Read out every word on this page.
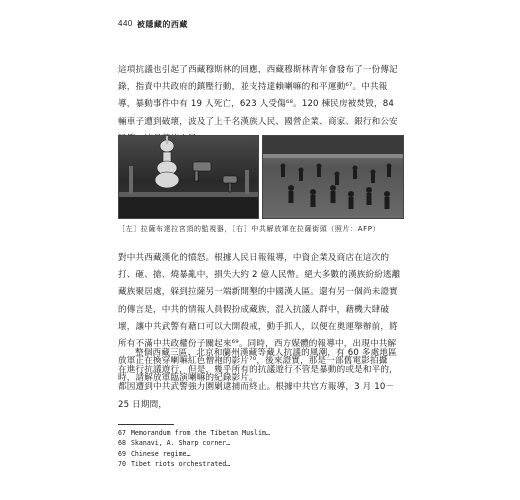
440 被隱藏的西藏

這項抗議也引起了西藏穆斯林的回應，西藏穆斯林青年會發布了一份傳記錄，指責中共政府的鎮壓行動，並支持達賴喇嘛的和平運動⁶⁷。中共報導，暴動事件中有 19 人死亡，623 人受傷⁶⁸。120 棟民房被焚毀，84 輛車子遭到破壞，波及了上千名漢族人民、國營企業、商家、銀行和公安

［左］拉薩布達拉宮頂的監視器，［右］中共解放軍在拉薩街頭（照片：AFP）

對中共西藏漢化的憤怒。根據人民日報報導，中資企業及商店在這次的打、砸、搶、燒暴亂中，損失大約 2 億人民幣。絕大多數的漢族紛紛逃離藏族聚居處，躲到拉薩另一端新開墾的中國漢人區。還有另一個尚未證實的傳言是，中共的情報人員假扮成藏族，混入抗議人群中，藉機大肆破壞，讓中共武警有藉口可以大開殺戒，動手抓人，以便在奧運舉辦前，將所有不滿中共政權份子關起來⁶⁹。同時，西方媒體的報導中，出現中共解放軍正在換穿喇嘛紅色僧袍的影片⁷⁰，後來證實，那是一部舊電影拍攝時，請解放軍臨演喇嘛的紀錄影片。

整個西藏三區、北京和蘭州漢藏等藏人抗議的風潮，有 60 多處地區在進行抗議遊行，但是，幾乎所有的抗議遊行不管是暴動的或是和平的，都因遭到中共武警強力圍剿逮捕而終止。根據中共官方報導，3 月 10－25 日期間，

67 Memorandum from the Tibetan Muslim…
68 Skanavi, A. Sharp corner…
69 Chinese regime…
70 Tibet riots orchestrated…
